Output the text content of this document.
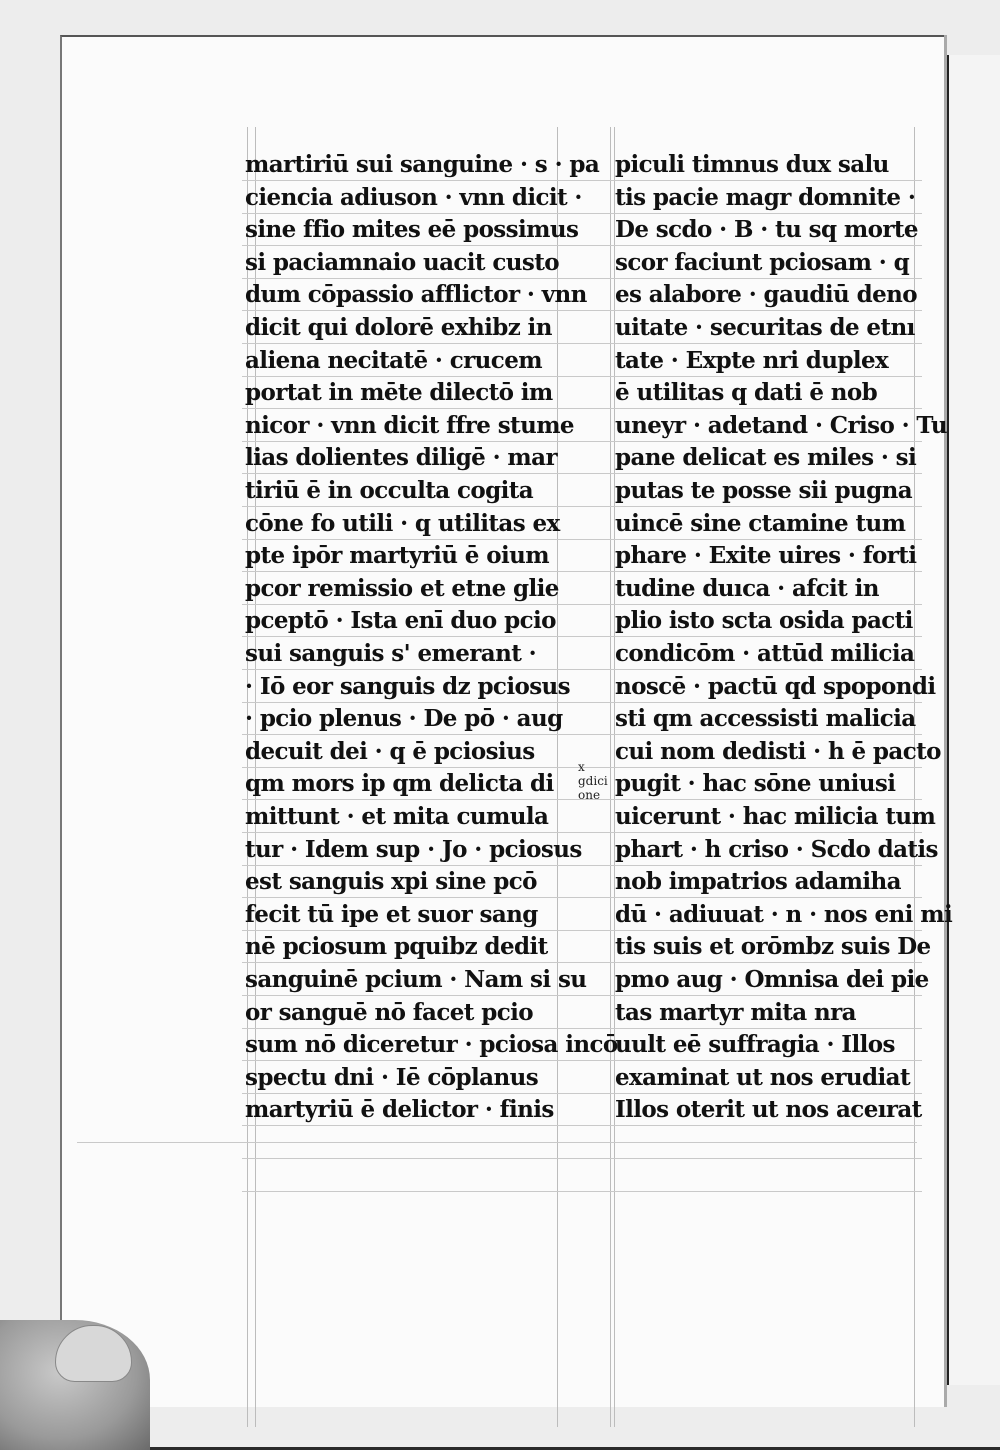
martiriū sui sanguine · s · pa
ciencia adiuson · vnn dicit ·
sine ffio mites eē possimus
si paciamnaio uacit custo
dum cōpassio afflictor · vnn
dicit qui dolorē exhibz in
aliena necitatē · crucem
portat in mēte dilectō im
nicor · vnn dicit ffre stume
lias dolientes diligē · mar
tiriū ē in occulta cogita
cōne fo utili · q utilitas ex
pte ipōr martyriū ē oium
pcor remissio et etne glie
pceptō · Ista enī duo pcio
sui sanguis s' emerant ·
· Iō eor sanguis dz pciosus
· pcio plenus · De pō · aug
decuit dei · q ē pciosius
qm mors ip qm delicta di
mittunt · et mita cumula
tur · Idem sup · Jo · pciosus
est sanguis xpi sine pcō
fecit tū ipe et suor sang
nē pciosum pquibz dedit
sanguinē pcium · Nam si su
or sanguē nō facet pcio
sum nō diceretur · pciosa incō
spectu dni · Iē cōplanus
martyriū ē delictor · finis
piculi timnus dux salu
tis pacie magr domnite ·
De scdo · B · tu sq morte
scor faciunt pciosam · q
es alabore · gaudiū deno
uitate · securitas de etnı
tate · Expte nri duplex
ē utilitas q dati ē nob
uneyr · adetand · Criso · Tu
pane delicat es miles · si
putas te posse sii pugna
uincē sine ctamine tum
phare · Exite uires · forti
tudine duıca · afcit in
plio isto scta osida pacti
condicōm · attūd milicia
noscē · pactū qd spopondi
sti qm accessisti malicia
cui nom dedisti · h ē pacto
pugit · hac sōne uniusi
uicerunt · hac milicia tum
phart · h criso · Scdo datis
nob impatrios adamiha
dū · adiuuat · n · nos eni mi
tis suis et orōmbz suis De
pmo aug · Omnisa dei pie
tas martyr mita nra
uult eē suffragia · Illos
examinat ut nos erudiat
Illos oterit ut nos aceırat
x
gdici
one
